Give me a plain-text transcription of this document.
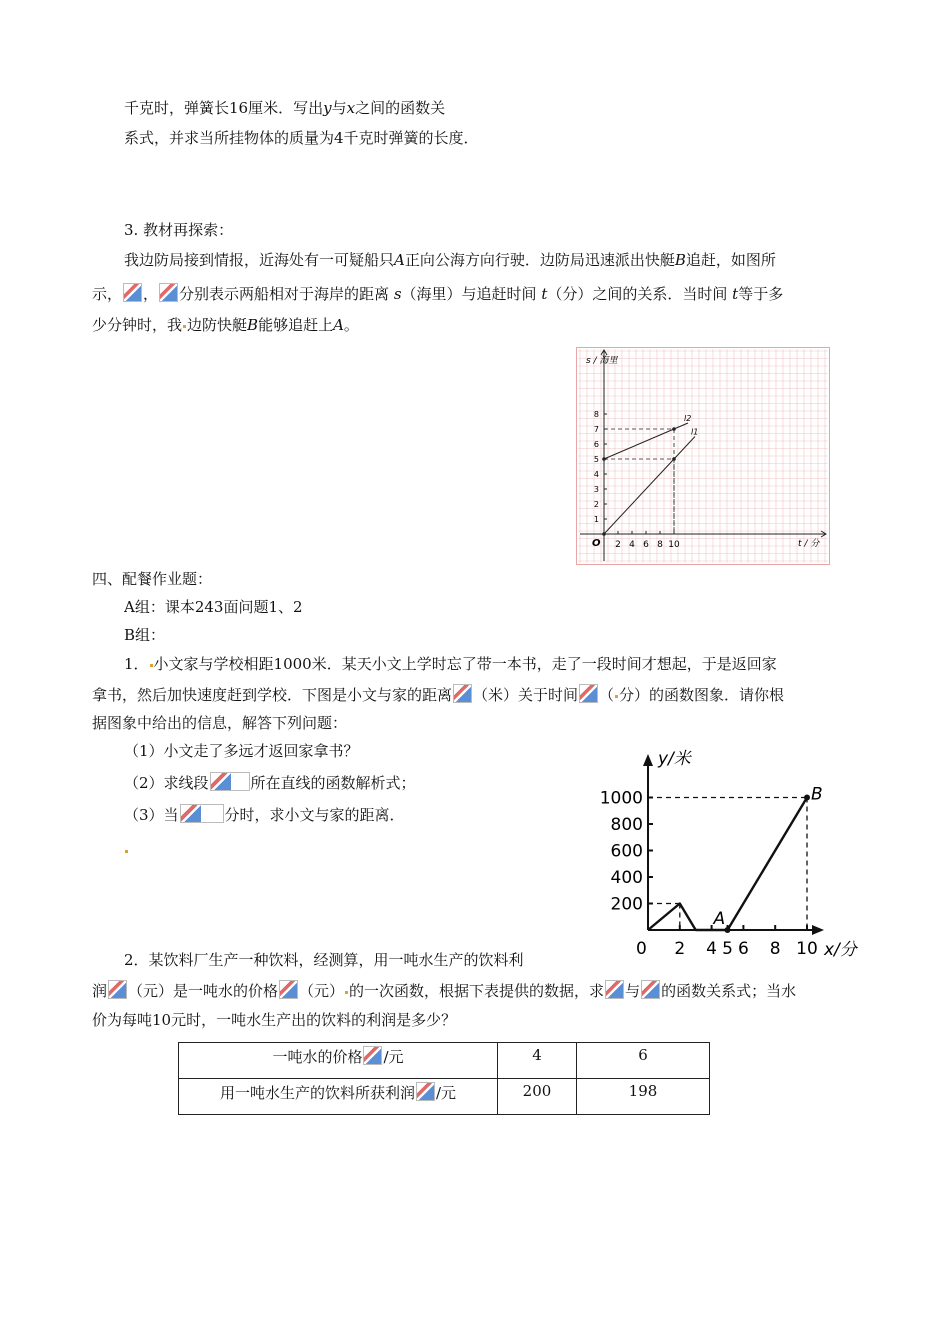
千克时，弹簧长16厘米．写出y与x之间的函数关
系式，并求当所挂物体的质量为4千克时弹簧的长度．
3. 教材再探索：
我边防局接到情报，近海处有一可疑船只A正向公海方向行驶．边防局迅速派出快艇B追赶，如图所
示， ， 分别表示两船相对于海岸的距离 s（海里）与追赶时间 t（分）之间的关系．当时间 t等于多
少分钟时，我 边防快艇B能够追赶上A。
l2
l1
2 4 6 8 10
1
2
3
4
5
6
7
8
s / 海里
t / 分
O
四、配餐作业题：
A组：课本243面问题1、2
B组：
1． 小文家与学校相距1000米．某天小文上学时忘了带一本书，走了一段时间才想起，于是返回家
拿书，然后加快速度赶到学校．下图是小文与家的距离 （米）关于时间 （ 分）的函数图象．请你根
据图象中给出的信息，解答下列问题：
（1）小文走了多远才返回家拿书？
（2）求线段	所在直线的函数解析式；
（3）当	分时，求小文与家的距离．
A
B
2 4 5 6 8 10
200
400
600
800
1000
y/米
x/分
0
2．某饮料厂生产一种饮料，经测算，用一吨水生产的饮料利
润 （元）是一吨水的价格 （元） 的一次函数，根据下表提供的数据，求 与 的函数关系式；当水
价为每吨10元时，一吨水生产出的饮料的利润是多少？
一吨水的价格 /元	4	6
用一吨水生产的饮料所获利润 /元	200	198
